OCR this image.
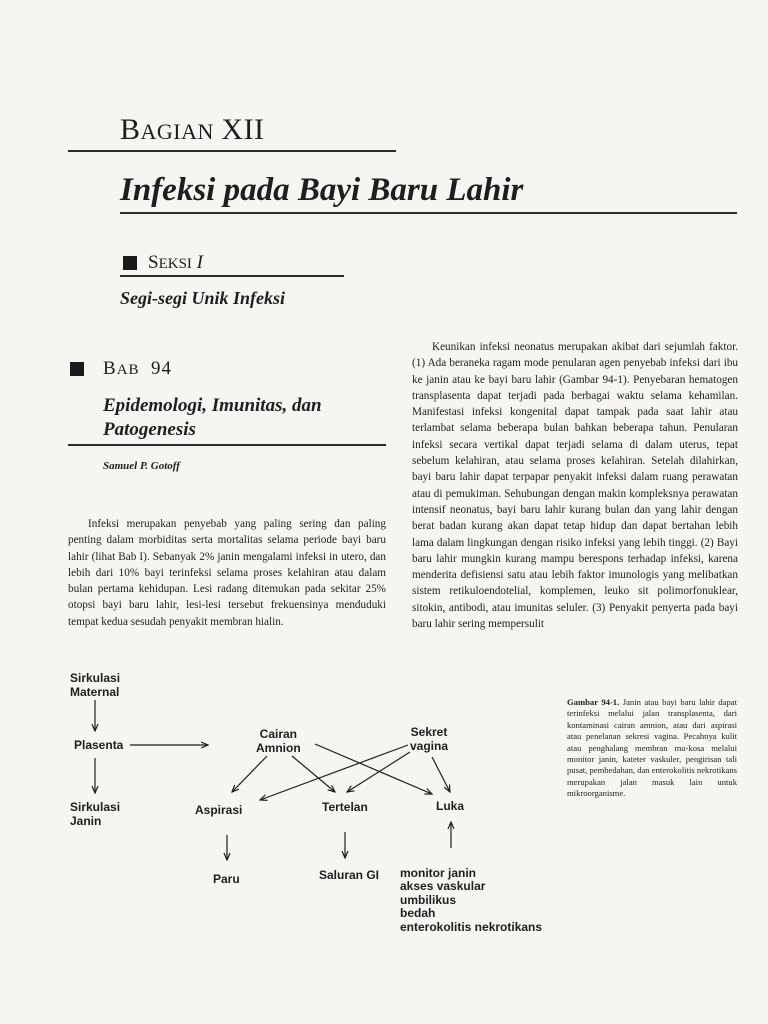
BAGIAN XII
Infeksi pada Bayi Baru Lahir
SEKSI I
Segi-segi Unik Infeksi
BAB 94
Epidemologi, Imunitas, dan Patogenesis
Samuel P. Gotoff
Infeksi merupakan penyebab yang paling sering dan paling penting dalam morbiditas serta mortalitas selama periode bayi baru lahir (lihat Bab I). Sebanyak 2% janin mengalami infeksi in utero, dan lebih dari 10% bayi terinfeksi selama proses kelahiran atau dalam bulan pertama kehidupan. Lesi radang ditemukan pada sekitar 25% otopsi bayi baru lahir, lesi-lesi tersebut frekuensinya menduduki tempat kedua sesudah penyakit membran hialin.
Keunikan infeksi neonatus merupakan akibat dari sejumlah faktor. (1) Ada beraneka ragam mode penularan agen penyebab infeksi dari ibu ke janin atau ke bayi baru lahir (Gambar 94-1). Penyebaran hematogen transplasenta dapat terjadi pada berbagai waktu selama kehamilan. Manifestasi infeksi kongenital dapat tampak pada saat lahir atau terlambat selama beberapa bulan bahkan beberapa tahun. Penularan infeksi secara vertikal dapat terjadi selama di dalam uterus, tepat sebelum kelahiran, atau selama proses kelahiran. Setelah dilahirkan, bayi baru lahir dapat terpapar penyakit infeksi dalam ruang perawatan atau di pemukiman. Sehubungan dengan makin kompleksnya perawatan intensif neonatus, bayi baru lahir kurang bulan dan yang lahir dengan berat badan kurang akan dapat tetap hidup dan dapat bertahan lebih lama dalam lingkungan dengan risiko infeksi yang lebih tinggi. (2) Bayi baru lahir mungkin kurang mampu berespons terhadap infeksi, karena menderita defisiensi satu atau lebih faktor imunologis yang melibatkan sistem retikuloendotelial, komplemen, leuko sit polimorfonuklear, sitokin, antibodi, atau imunitas seluler. (3) Penyakit penyerta pada bayi baru lahir sering mempersulit
Sirkulasi
Maternal
Plasenta
Sirkulasi
Janin
Cairan
Amnion
Sekret
vagina
Aspirasi	Tertelan	Luka
Paru	Saluran GI monitor janin
akses vaskular
umbilikus
bedah
enterokolitis nekrotikans
Gambar 94-1. Janin atau bayi baru lahir dapat terinfeksi melalui jalan transplasenta, dari kontaminasi cairan amnion, atau dari aspirasi atau penelanan sekresi vagina. Pecahnya kulit atau penghalang membran mu-kosa melalui monitor janin, kateter vaskuler, pengirisan tali pusat, pembedahan, dan enterokolitis nekrotikans merupakan jalan masuk lain untuk mikroorganisme.
